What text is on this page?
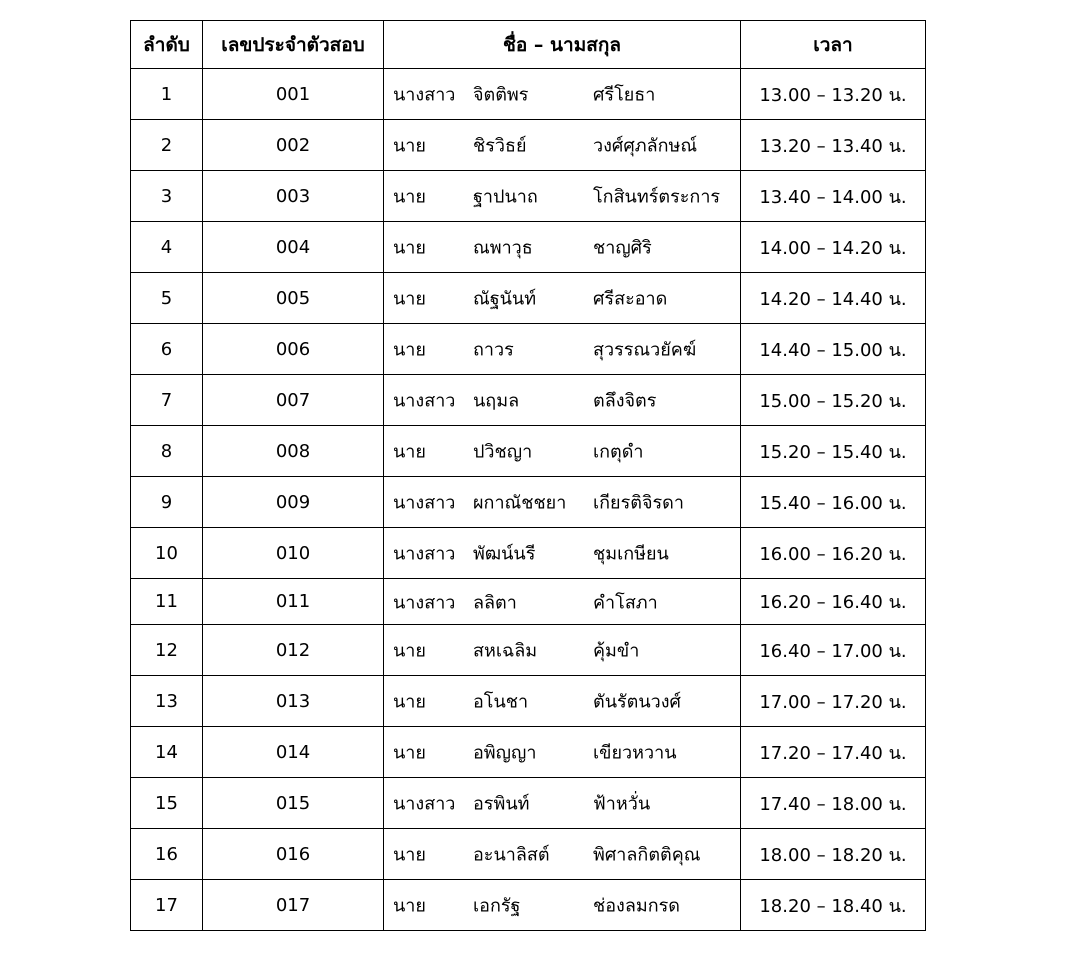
ลำดับ	เลขประจำตัวสอบ	ชื่อ – นามสกุล	เวลา
1	001	นางสาว จิตติพร ศรีโยธา	13.00 – 13.20 น.
2	002	นาย ชิรวิธย์ วงศ์ศุภลักษณ์	13.20 – 13.40 น.
3	003	นาย ฐาปนาถ โกสินทร์ตระการ	13.40 – 14.00 น.
4	004	นาย ณพาวุธ ชาญศิริ	14.00 – 14.20 น.
5	005	นาย ณัฐนันท์ ศรีสะอาด	14.20 – 14.40 น.
6	006	นาย ถาวร สุวรรณวยัคฆ์	14.40 – 15.00 น.
7	007	นางสาว นฤมล ตลึงจิตร	15.00 – 15.20 น.
8	008	นาย ปวิชญา เกตุดำ	15.20 – 15.40 น.
9	009	นางสาว ผกาณัชชยา เกียรติจิรดา	15.40 – 16.00 น.
10	010	นางสาว พัฒน์นรี ชุมเกษียน	16.00 – 16.20 น.
11	011	นางสาว ลลิตา คำโสภา	16.20 – 16.40 น.
12	012	นาย สหเฉลิม คุ้มขำ	16.40 – 17.00 น.
13	013	นาย อโนชา ตันรัตนวงศ์	17.00 – 17.20 น.
14	014	นาย อพิญญา เขียวหวาน	17.20 – 17.40 น.
15	015	นางสาว อรพินท์ ฟ้าหวั่น	17.40 – 18.00 น.
16	016	นาย อะนาลิสต์ พิศาลกิตติคุณ	18.00 – 18.20 น.
17	017	นาย เอกรัฐ ช่องลมกรด	18.20 – 18.40 น.
